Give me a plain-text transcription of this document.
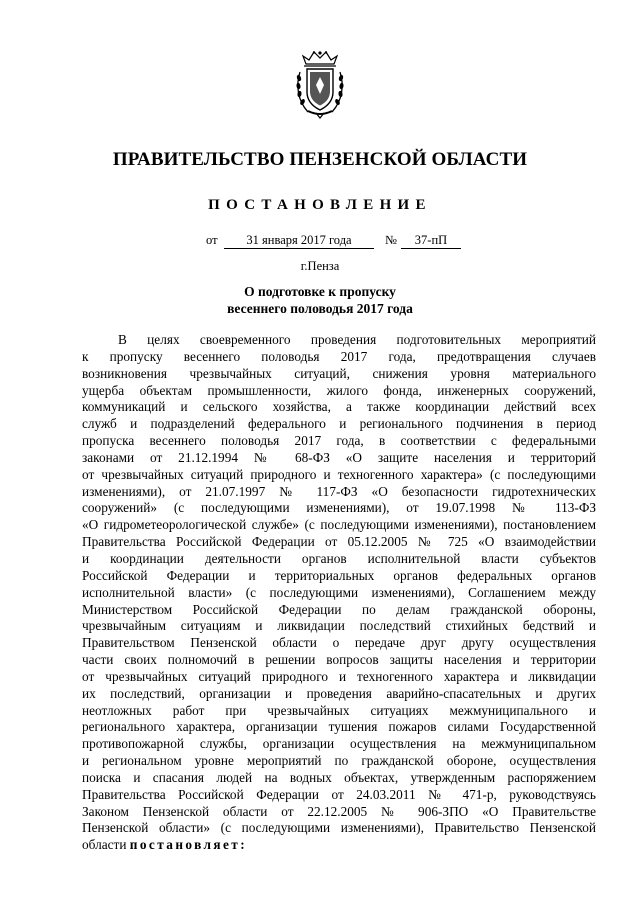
ПРАВИТЕЛЬСТВО ПЕНЗЕНСКОЙ ОБЛАСТИ
ПОСТАНОВЛЕНИЕ
от	31 января 2017 года	№	37-пП
г.Пенза
О подготовке к пропуску
весеннего половодья 2017 года
В целях своевременного проведения подготовительных мероприятий
к пропуску весеннего половодья 2017 года, предотвращения случаев
возникновения чрезвычайных ситуаций, снижения уровня материального
ущерба объектам промышленности, жилого фонда, инженерных сооружений,
коммуникаций и сельского хозяйства, а также координации действий всех
служб и подразделений федерального и регионального подчинения в период
пропуска весеннего половодья 2017 года, в соответствии с федеральными
законами от 21.12.1994 № 68-ФЗ «О защите населения и территорий
от чрезвычайных ситуаций природного и техногенного характера» (с последующими
изменениями), от 21.07.1997 № 117-ФЗ «О безопасности гидротехнических
сооружений» (с последующими изменениями), от 19.07.1998 № 113-ФЗ
«О гидрометеорологической службе» (с последующими изменениями), постановлением
Правительства Российской Федерации от 05.12.2005 № 725 «О взаимодействии
и координации деятельности органов исполнительной власти субъектов
Российской Федерации и территориальных органов федеральных органов
исполнительной власти» (с последующими изменениями), Соглашением между
Министерством Российской Федерации по делам гражданской обороны,
чрезвычайным ситуациям и ликвидации последствий стихийных бедствий и
Правительством Пензенской области о передаче друг другу осуществления
части своих полномочий в решении вопросов защиты населения и территории
от чрезвычайных ситуаций природного и техногенного характера и ликвидации
их последствий, организации и проведения аварийно-спасательных и других
неотложных работ при чрезвычайных ситуациях межмуниципального и
регионального характера, организации тушения пожаров силами Государственной
противопожарной службы, организации осуществления на межмуниципальном
и региональном уровне мероприятий по гражданской обороне, осуществления
поиска и спасания людей на водных объектах, утвержденным распоряжением
Правительства Российской Федерации от 24.03.2011 № 471-р, руководствуясь
Законом Пензенской области от 22.12.2005 № 906-ЗПО «О Правительстве
Пензенской области» (с последующими изменениями), Правительство Пензенской
области постановляет:
